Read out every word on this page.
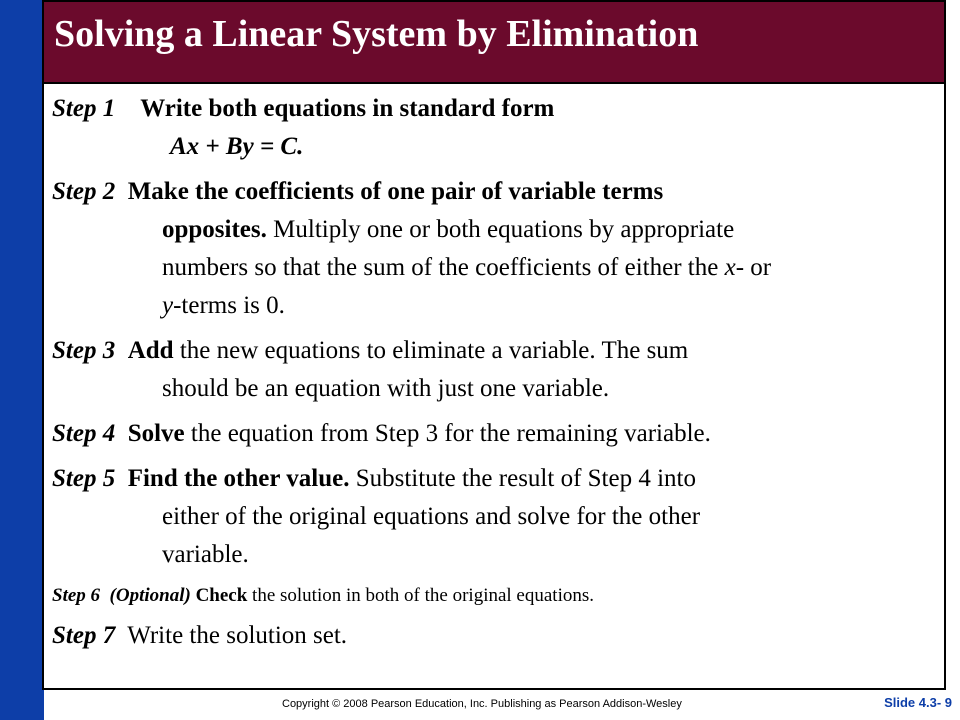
Solving a Linear System by Elimination
Step 1 Write both equations in standard form
Ax + By = C.
Step 2 Make the coefficients of one pair of variable terms
opposites. Multiply one or both equations by appropriate
numbers so that the sum of the coefficients of either the x- or
y-terms is 0.
Step 3 Add the new equations to eliminate a variable. The sum
should be an equation with just one variable.
Step 4 Solve the equation from Step 3 for the remaining variable.
Step 5 Find the other value. Substitute the result of Step 4 into
either of the original equations and solve for the other
variable.
Step 6 (Optional) Check the solution in both of the original equations.
Step 7 Write the solution set.
Copyright © 2008 Pearson Education, Inc. Publishing as Pearson Addison-Wesley	Slide 4.3- 9
